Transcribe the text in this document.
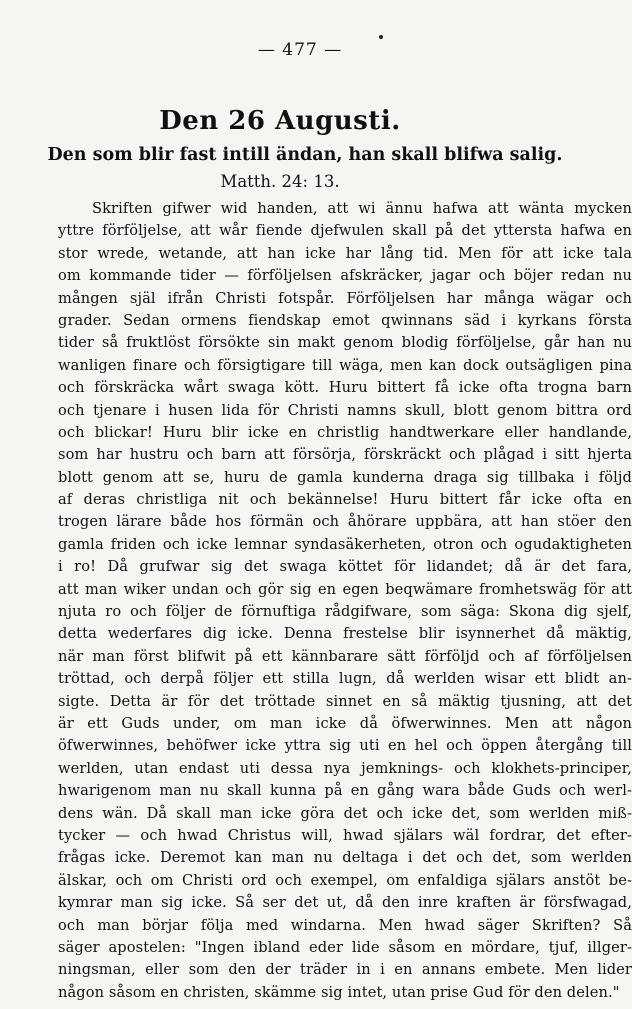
— 477 —
Den 26 Augusti.
Den som blir fast intill ändan, han skall blifwa salig.
Matth. 24: 13.
Skriften gifwer wid handen, att wi ännu hafwa att wänta mycken
yttre förföljelse, att wår fiende djefwulen skall på det yttersta hafwa en
stor wrede, wetande, att han icke har lång tid. Men för att icke tala
om kommande tider — förföljelsen afskräcker, jagar och böjer redan nu
mången själ ifrån Christi fotspår. Förföljelsen har många wägar och
grader. Sedan ormens fiendskap emot qwinnans säd i kyrkans första
tider så fruktlöst försökte sin makt genom blodig förföljelse, går han nu
wanligen finare och försigtigare till wäga, men kan dock outsägligen pina
och förskräcka wårt swaga kött. Huru bittert få icke ofta trogna barn
och tjenare i husen lida för Christi namns skull, blott genom bittra ord
och blickar! Huru blir icke en christlig handtwerkare eller handlande,
som har hustru och barn att försörja, förskräckt och plågad i sitt hjerta
blott genom att se, huru de gamla kunderna draga sig tillbaka i följd
af deras christliga nit och bekännelse! Huru bittert får icke ofta en
trogen lärare både hos förmän och åhörare uppbära, att han stöer den
gamla friden och icke lemnar syndasäkerheten, otron och ogudaktigheten
i ro! Då grufwar sig det swaga köttet för lidandet; då är det fara,
att man wiker undan och gör sig en egen beqwämare fromhetswäg för att
njuta ro och följer de förnuftiga rådgifware, som säga: Skona dig sjelf,
detta wederfares dig icke. Denna frestelse blir isynnerhet då mäktig,
när man först blifwit på ett kännbarare sätt förföljd och af förföljelsen
tröttad, och derpå följer ett stilla lugn, då werlden wisar ett blidt an-
sigte. Detta är för det tröttade sinnet en så mäktig tjusning, att det
är ett Guds under, om man icke då öfwerwinnes. Men att någon
öfwerwinnes, behöfwer icke yttra sig uti en hel och öppen återgång till
werlden, utan endast uti dessa nya jemknings- och klokhets-principer,
hwarigenom man nu skall kunna på en gång wara både Guds och werl-
dens wän. Då skall man icke göra det och icke det, som werlden miß-
tycker — och hwad Christus will, hwad själars wäl fordrar, det efter-
frågas icke. Deremot kan man nu deltaga i det och det, som werlden
älskar, och om Christi ord och exempel, om enfaldiga själars anstöt be-
kymrar man sig icke. Så ser det ut, då den inre kraften är försfwagad,
och man börjar följa med windarna. Men hwad säger Skriften? Så
säger apostelen: "Ingen ibland eder lide såsom en mördare, tjuf, illger-
ningsman, eller som den der träder in i en annans embete. Men lider
någon såsom en christen, skämme sig intet, utan prise Gud för den delen."
